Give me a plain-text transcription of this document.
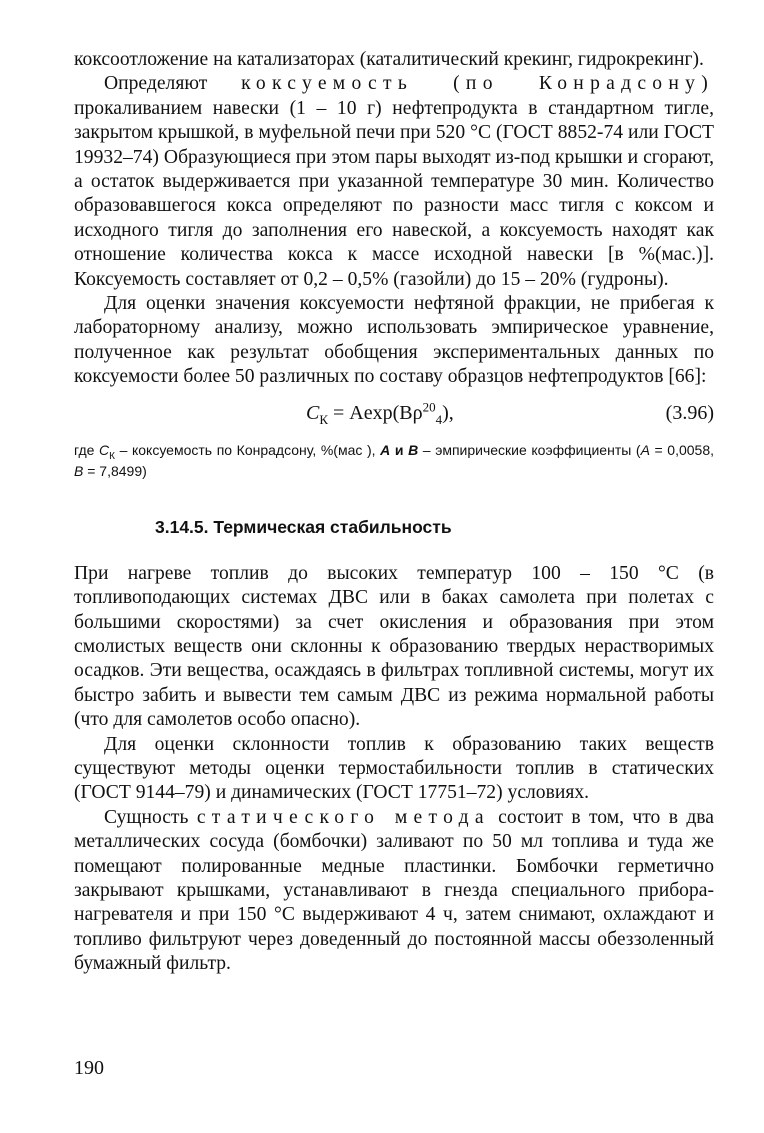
коксоотложение на катализаторах (каталитический крекинг, гидрокрекинг).

Определяют коксуемость (по Конрадсону) прокаливанием навески (1 – 10 г) нефтепродукта в стандартном тигле, закрытом крышкой, в муфельной печи при 520 °С (ГОСТ 8852-74 или ГОСТ 19932–74) Образующиеся при этом пары выходят из-под крышки и сгорают, а остаток выдерживается при указанной температуре 30 мин. Количество образовавшегося кокса определяют по разности масс тигля с коксом и исходного тигля до заполнения его навеской, а коксуемость находят как отношение количества кокса к массе исходной навески [в %(мас.)]. Коксуемость составляет от 0,2 – 0,5% (газойли) до 15 – 20% (гудроны).

Для оценки значения коксуемости нефтяной фракции, не прибегая к лабораторному анализу, можно использовать эмпирическое уравнение, полученное как результат обобщения экспериментальных данных по коксуемости более 50 различных по составу образцов нефтепродуктов [66]:

$C_К = Aexp(B\rho^{20}_4)$,	(3.96)

где $C_К$ – коксуемость по Конрадсону, %(мас ), A и B – эмпирические коэффициенты (A = 0,0058, B = 7,8499)

3.14.5. Термическая стабильность

При нагреве топлив до высоких температур 100 – 150 °С (в топливоподающих системах ДВС или в баках самолета при полетах с большими скоростями) за счет окисления и образования при этом смолистых веществ они склонны к образованию твердых нерастворимых осадков. Эти вещества, осаждаясь в фильтрах топливной системы, могут их быстро забить и вывести тем самым ДВС из режима нормальной работы (что для самолетов особо опасно).

Для оценки склонности топлив к образованию таких веществ существуют методы оценки термостабильности топлив в статических (ГОСТ 9144–79) и динамических (ГОСТ 17751–72) условиях.

Сущность статического метода состоит в том, что в два металлических сосуда (бомбочки) заливают по 50 мл топлива и туда же помещают полированные медные пластинки. Бомбочки герметично закрывают крышками, устанавливают в гнезда специального прибора-нагревателя и при 150 °С выдерживают 4 ч, затем снимают, охлаждают и топливо фильтруют через доведенный до постоянной массы обеззоленный бумажный фильтр.

190
